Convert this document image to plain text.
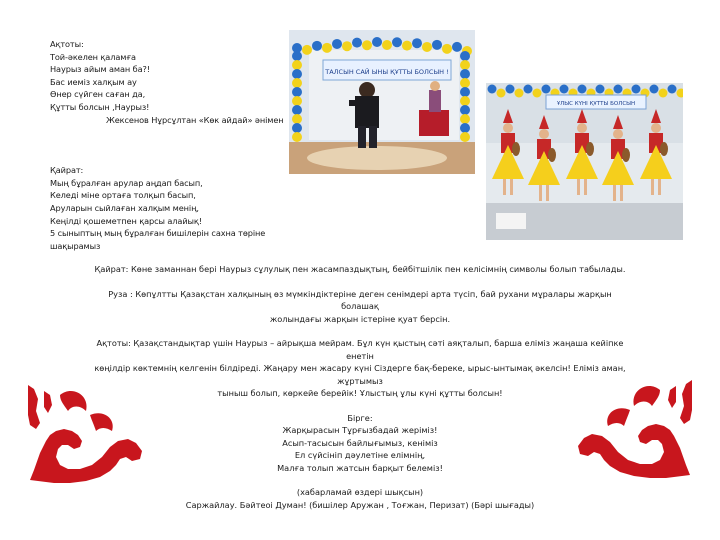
Ақтоты:

Той-әкелен қаламға

Наурыз айым аман ба?!

Бас иеміз халқым ау

Өнер сүйген саған да,

Құтты болсын ,Наурыз!

Жексенов Нұрсұлтан «Көк айдай» әнімен

Қайрат:

Мың бұралған арулар аңдап басып,

Келеді міне ортаға толқып басып,

Аруларын сыйлаған халқым менің,

Кеңілді қошеметпен қарсы алайық!

5 сыныптың мың бұралған бишілерін сахна төріне

шақырамыз

ТАЛСЫН САЙ ЫНЫ ҚҰТТЫ БОЛСЫН !
ҰЛЫС КҮНІ ҚҰТТЫ БОЛСЫН

Қайрат: Көне заманнан бері Наурыз сұлулық пен жасампаздықтың, бейбітшілік пен келісімнің символы болып табылады.

Руза : Көпұлтты Қазақстан халқының өз мүмкіндіктеріне деген сенімдері арта түсіп, бай рухани мұралары жарқын болашақ

жолындағы жарқын істеріне қуат берсін.

Ақтоты: Қазақстандықтар үшін Наурыз – айрықша мейрам. Бұл күн қыстың сәті аяқталып, барша еліміз жаңаша кейіпке енетін

көңілдір көктемнің келгенін білдіреді. Жаңару мен жасару күні Сіздерге бақ-береке, ырыс-ынтымақ әкелсін! Еліміз аман, жұртымыз

тыныш болып, көркейе берейік! Ұлыстың ұлы күні құтты болсын!

Бірге:

Жарқырасын Тұрғызбадай жеріміз!

Асып-тасысын байлығымыз, кеніміз

Ел сүйсініп дәулетіне елімнің,

Малға толып жатсын барқыт белеміз!

(хабарламай өздері шықсын)

Саржайлау. Бәйтеоі Думан! (бишілер Аружан , Тоғжан, Перизат) (Бәрі шығады)
